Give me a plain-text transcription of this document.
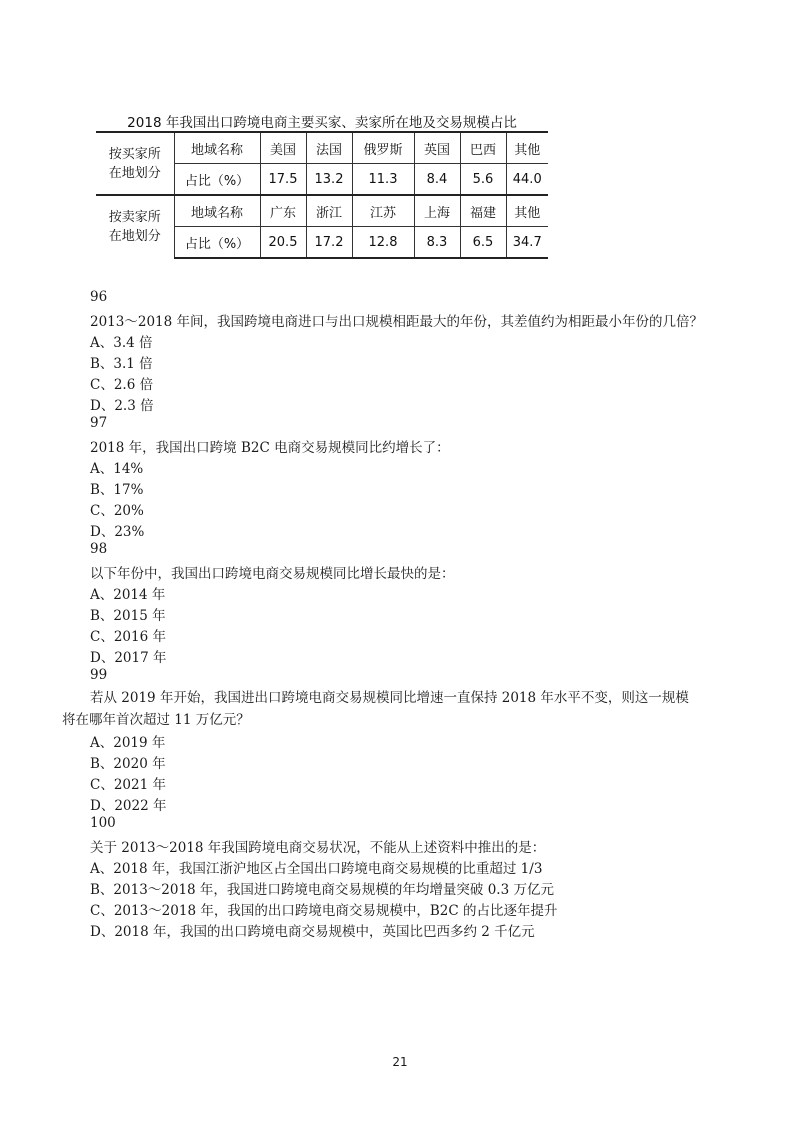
2018 年我国出口跨境电商主要买家、卖家所在地及交易规模占比
按买家所
在地划分	地域名称	美国	法国	俄罗斯	英国	巴西	其他
	占比（%）	17.5	13.2	11.3	8.4	5.6	44.0
按卖家所
在地划分	地域名称	广东	浙江	江苏	上海	福建	其他
	占比（%）	20.5	17.2	12.8	8.3	6.5	34.7
96
2013～2018 年间，我国跨境电商进口与出口规模相距最大的年份，其差值约为相距最小年份的几倍？
A、3.4 倍
B、3.1 倍
C、2.6 倍
D、2.3 倍
97
2018 年，我国出口跨境 B2C 电商交易规模同比约增长了：
A、14%
B、17%
C、20%
D、23%
98
以下年份中，我国出口跨境电商交易规模同比增长最快的是：
A、2014 年
B、2015 年
C、2016 年
D、2017 年
99
若从 2019 年开始，我国进出口跨境电商交易规模同比增速一直保持 2018 年水平不变，则这一规模将在哪年首次超过 11 万亿元？
A、2019 年
B、2020 年
C、2021 年
D、2022 年
100
关于 2013～2018 年我国跨境电商交易状况，不能从上述资料中推出的是：
A、2018 年，我国江浙沪地区占全国出口跨境电商交易规模的比重超过 1/3
B、2013～2018 年，我国进口跨境电商交易规模的年均增量突破 0.3 万亿元
C、2013～2018 年，我国的出口跨境电商交易规模中，B2C 的占比逐年提升
D、2018 年，我国的出口跨境电商交易规模中，英国比巴西多约 2 千亿元
21
